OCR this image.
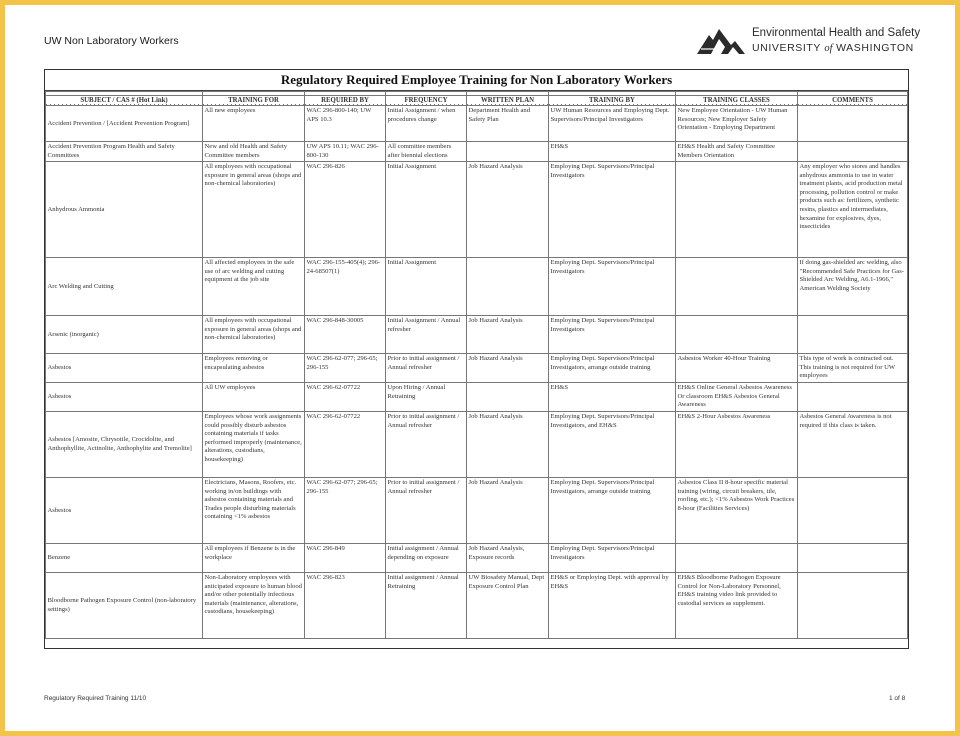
UW Non Laboratory Workers
Environmental Health and Safety
UNIVERSITY of WASHINGTON
Regulatory Required Employee Training for Non Laboratory Workers

SUBJECT / CAS # (Hot Link)	TRAINING FOR	REQUIRED BY	FREQUENCY	WRITTEN PLAN	TRAINING BY	TRAINING CLASSES	COMMENTS
Accident Prevention / [Accident Prevention Program]	All new employees	WAC 296-800-140; UW APS 10.3	Initial Assignment / when procedures change	Department Health and Safety Plan	UW Human Resources and Employing Dept. Supervisors/Principal Investigators	New Employee Orientation - UW Human Resources; New Employer Safety Orientation - Employing Department	
Accident Prevention Program Health and Safety Committees	New and old Health and Safety Committee members	UW APS 10.11; WAC 296-800-130	All committee members after biennial elections		EH&S	EH&S Health and Safety Committee Members Orientation	
Anhydrous Ammonia	All employees with occupational exposure in general areas (shops and non-chemical laboratories)	WAC 296-826	Initial Assignment	Job Hazard Analysis	Employing Dept. Supervisors/Principal Investigators		Any employer who stores and handles anhydrous ammonia to use in water treatment plants, acid production metal processing, pollution control or make products such as: fertilizers, synthetic resins, plastics and intermediates, hexamine for explosives, dyes, insecticides
Arc Welding and Cutting	All affected employees in the safe use of arc welding and cutting equipment at the job site	WAC 296-155-405(4); 296-24-68507(1)	Initial Assignment		Employing Dept. Supervisors/Principal Investigators		If doing gas-shielded arc welding, also "Recommended Safe Practices for Gas-Shielded Arc Welding, A6.1-1966," American Welding Society
Arsenic (inorganic)	All employees with occupational exposure in general areas (shops and non-chemical laboratories)	WAC 296-848-30005	Initial Assignment / Annual refresher	Job Hazard Analysis	Employing Dept. Supervisors/Principal Investigators		
Asbestos	Employees removing or encapsulating asbestos	WAC 296-62-077; 296-65; 296-155	Prior to initial assignment / Annual refresher	Job Hazard Analysis	Employing Dept. Supervisors/Principal Investigators, arrange outside training	Asbestos Worker 40-Hour Training	This type of work is contracted out. This training is not required for UW employees
Asbestos	All UW employees	WAC 296-62-07722	Upon Hiring / Annual Retraining		EH&S	EH&S Online General Asbestos Awareness Or classroom EH&S Asbestos General Awareness	
Asbestos [Amosite, Chrysotile, Crocidolite, and Anthophyllite, Actinolite, Anthophylite and Tremolite]	Employees whose work assignments could possibly disturb asbestos containing materials if tasks performed improperly (maintenance, alterations, custodians, housekeeping)	WAC 296-62-07722	Prior to initial assignment / Annual refresher	Job Hazard Analysis	Employing Dept. Supervisors/Principal Investigators, and EH&S	EH&S 2-Hour Asbestos Awareness	Asbestos General Awareness is not required if this class is taken.
Asbestos	Electricians, Masons, Roofers, etc. working in/on buildings with asbestos containing materials and Trades people disturbing materials containing <1% asbestos	WAC 296-62-077; 296-65; 296-155	Prior to initial assignment / Annual refresher	Job Hazard Analysis	Employing Dept. Supervisors/Principal Investigators, arrange outside training	Asbestos Class II 8-hour specific material training (wiring, circuit breakers, tile, roofing, etc.); <1% Asbestos Work Practices 8-hour (Facilities Services)	
Benzene	All employees if Benzene is in the workplace	WAC 296-849	Initial assignment / Annual depending on exposure	Job Hazard Analysis, Exposure records	Employing Dept. Supervisors/Principal Investigators		
Bloodborne Pathogen Exposure Control (non-laboratory settings)	Non-Laboratory employees with anticipated exposure to human blood and/or other potentially infectious materials (maintenance, alterations, custodians, housekeeping)	WAC 296-823	Initial assignment / Annual Retraining	UW Biosafety Manual, Dept Exposure Control Plan	EH&S or Employing Dept. with approval by EH&S	EH&S Bloodborne Pathogen Exposure Control for Non-Laboratory Personnel, EH&S training video link provided to custodial services as supplement.	
Regulatory Required Training 11/10	1 of 8
